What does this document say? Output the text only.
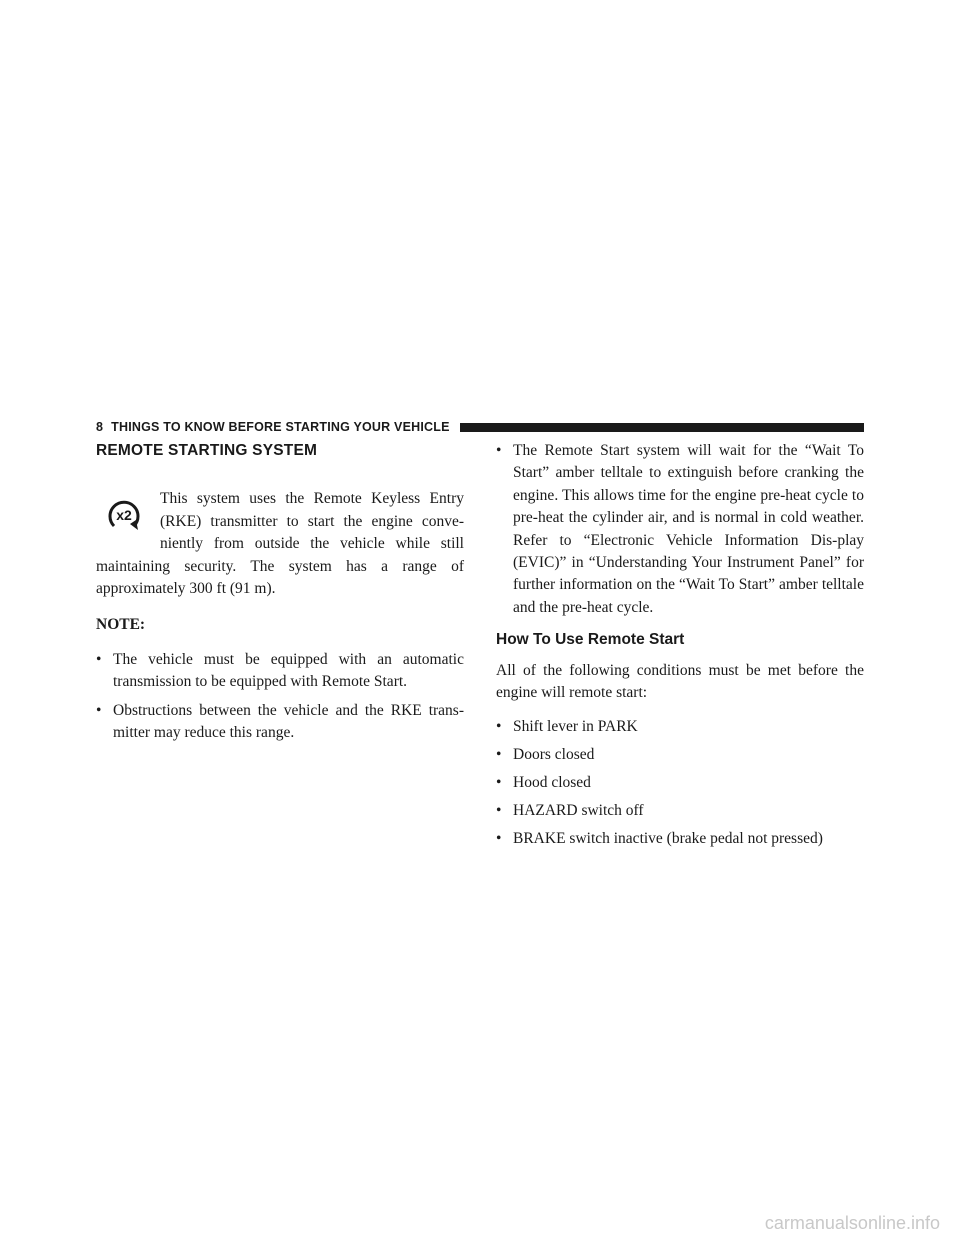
8 THINGS TO KNOW BEFORE STARTING YOUR VEHICLE
REMOTE STARTING SYSTEM
x2

This system uses the Remote Keyless Entry (RKE) transmitter to start the engine conve-niently from outside the vehicle while still maintaining security. The system has a range of approximately 300 ft (91 m).

NOTE:

• The vehicle must be equipped with an automatic transmission to be equipped with Remote Start.
• Obstructions between the vehicle and the RKE trans-mitter may reduce this range.
• The Remote Start system will wait for the “Wait To Start” amber telltale to extinguish before cranking the engine. This allows time for the engine pre-heat cycle to pre-heat the cylinder air, and is normal in cold weather. Refer to “Electronic Vehicle Information Dis-play (EVIC)” in “Understanding Your Instrument Panel” for further information on the “Wait To Start” amber telltale and the pre-heat cycle.
How To Use Remote Start

All of the following conditions must be met before the engine will remote start:

• Shift lever in PARK
• Doors closed
• Hood closed
• HAZARD switch off
• BRAKE switch inactive (brake pedal not pressed)
carmanualsonline.info
